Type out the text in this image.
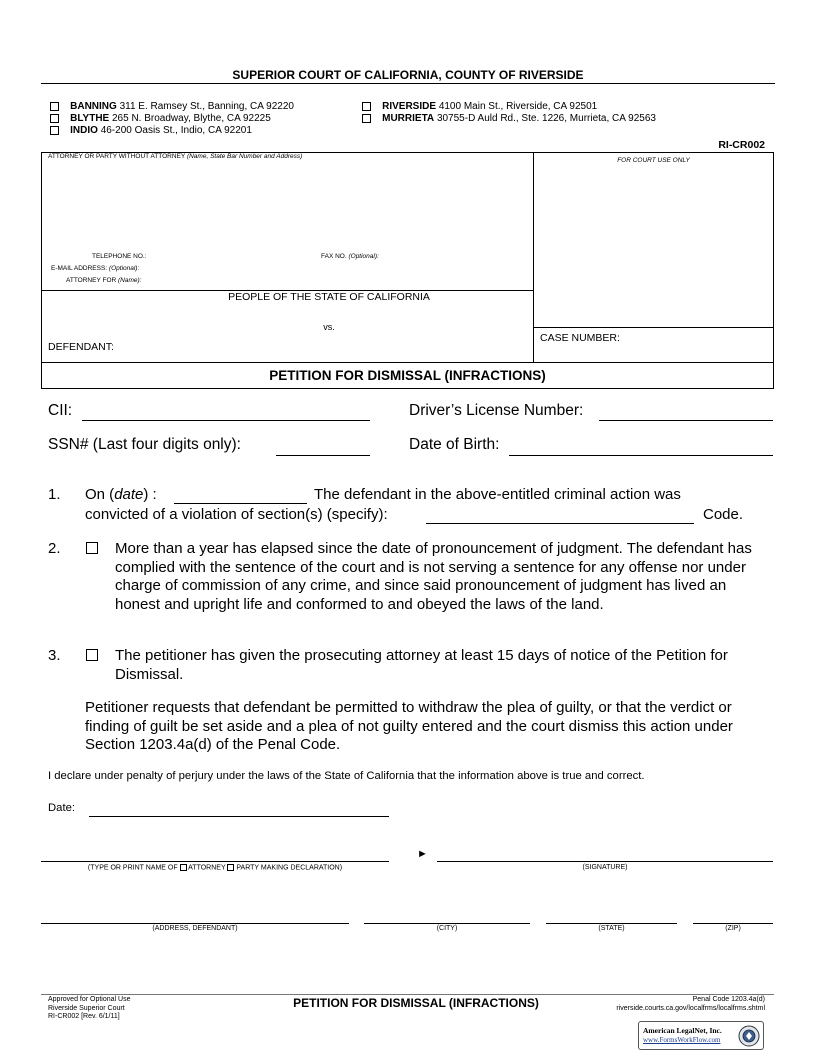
SUPERIOR COURT OF CALIFORNIA, COUNTY OF RIVERSIDE
BANNING 311 E. Ramsey St., Banning, CA 92220
BLYTHE 265 N. Broadway, Blythe, CA 92225
INDIO 46-200 Oasis St., Indio, CA 92201
RIVERSIDE 4100 Main St., Riverside, CA 92501
MURRIETA 30755-D Auld Rd., Ste. 1226, Murrieta, CA 92563
RI-CR002
ATTORNEY OR PARTY WITHOUT ATTORNEY (Name, State Bar Number and Address)
FOR COURT USE ONLY
TELEPHONE NO.:	FAX NO. (Optional):
E-MAIL ADDRESS: (Optional):
ATTORNEY FOR (Name):
PEOPLE OF THE STATE OF CALIFORNIA
vs.
DEFENDANT:
CASE NUMBER:
PETITION FOR DISMISSAL (INFRACTIONS)
CII:	Driver’s License Number:
SSN# (Last four digits only):	Date of Birth:
1. On (date) :	The defendant in the above-entitled criminal action was
convicted of a violation of section(s) (specify):	Code.
2.	More than a year has elapsed since the date of pronouncement of judgment. The defendant has complied with the sentence of the court and is not serving a sentence for any offense nor under charge of commission of any crime, and since said pronouncement of judgment has lived an honest and upright life and conformed to and obeyed the laws of the land.
3.	The petitioner has given the prosecuting attorney at least 15 days of notice of the Petition for Dismissal.
Petitioner requests that defendant be permitted to withdraw the plea of guilty, or that the verdict or finding of guilt be set aside and a plea of not guilty entered and the court dismiss this action under Section 1203.4a(d) of the Penal Code.
I declare under penalty of perjury under the laws of the State of California that the information above is true and correct.
Date:
►
(TYPE OR PRINT NAME OF ATTORNEY PARTY MAKING DECLARATION)	(SIGNATURE)
(ADDRESS, DEFENDANT)	(CITY)	(STATE)	(ZIP)
Approved for Optional Use
Riverside Superior Court
RI-CR002 [Rev. 6/1/11]
PETITION FOR DISMISSAL (INFRACTIONS)	Penal Code 1203.4a(d)
riverside.courts.ca.gov/localfrms/localfrms.shtml
American LegalNet, Inc.
www.FormsWorkFlow.com
